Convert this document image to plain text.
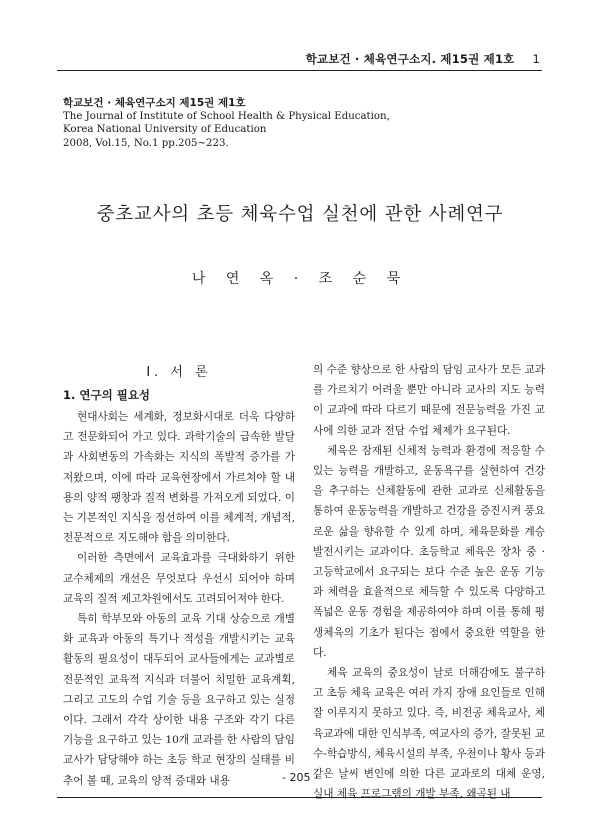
학교보건 · 체육연구소지. 제15권 제1호 1
학교보건 · 체육연구소지 제15권 제1호
The Journal of Institute of School Health & Physical Education,
Korea National University of Education
2008, Vol.15, No.1 pp.205∼223.
중초교사의 초등 체육수업 실천에 관한 사례연구
나 연 옥 · 조 순 묵
Ⅰ. 서 론
1. 연구의 필요성

현대사회는 세계화, 정보화시대로 더욱 다양하고 전문화되어 가고 있다. 과학기술의 급속한 발달과 사회변동의 가속화는 지식의 폭발적 증가를 가져왔으며, 이에 따라 교육현장에서 가르쳐야 할 내용의 양적 팽창과 질적 변화를 가져오게 되었다. 이는 기본적인 지식을 정선하여 이를 체계적, 개념적, 전문적으로 지도해야 함을 의미한다.

이러한 측면에서 교육효과를 극대화하기 위한 교수체제의 개선은 무엇보다 우선시 되어야 하며 교육의 질적 제고차원에서도 고려되어져야 한다.

특히 학부모와 아동의 교육 기대 상승으로 개별화 교육과 아동의 특기나 적성을 개발시키는 교육활동의 필요성이 대두되어 교사들에게는 교과별로 전문적인 교육적 지식과 더불어 치밀한 교육계획, 그리고 고도의 수업 기술 등을 요구하고 있는 실정이다. 그래서 각각 상이한 내용 구조와 각기 다른 기능을 요구하고 있는 10개 교과를 한 사람의 담임 교사가 담당해야 하는 초등 학교 현장의 실태를 비추어 볼 때, 교육의 양적 증대와 내용

의 수준 향상으로 한 사람의 담임 교사가 모든 교과를 가르치기 어려울 뿐만 아니라 교사의 지도 능력이 교과에 따라 다르기 때문에 전문능력을 가진 교사에 의한 교과 전담 수업 체제가 요구된다.

체육은 잠재된 신체적 능력과 환경에 적응할 수 있는 능력을 개발하고, 운동욕구를 실현하여 건강을 추구하는 신체활동에 관한 교과로 신체활동을 통하여 운동능력을 개발하고 건강을 증진시켜 풍요로운 삶을 향유할 수 있게 하며, 체육문화를 계승 발전시키는 교과이다. 초등학교 체육은 장차 중 · 고등학교에서 요구되는 보다 수준 높은 운동 기능과 체력을 효율적으로 체득할 수 있도록 다양하고 폭넓은 운동 경험을 제공하여야 하며 이를 통해 평생체육의 기초가 된다는 점에서 중요한 역할을 한다.

체육 교육의 중요성이 날로 더해감에도 불구하고 초등 체육 교육은 여러 가지 장애 요인들로 인해 잘 이루지지 못하고 있다. 즉, 비전공 체육교사, 체육교과에 대한 인식부족, 여교사의 증가, 잘못된 교수-학습방식, 체육시설의 부족, 우천이나 황사 등과 같은 날씨 변인에 의한 다른 교과로의 대체 운영, 실내 체육 프로그램의 개발 부족, 왜곡된 내

- 205 -
